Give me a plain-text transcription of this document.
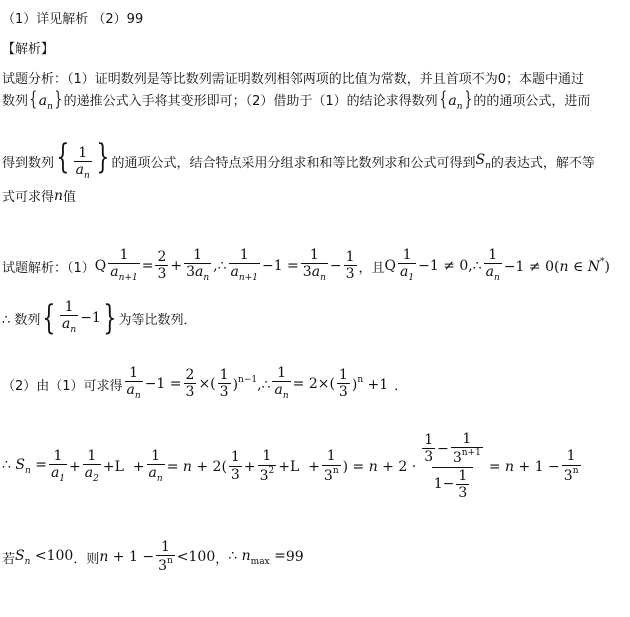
（1）详见解析 （2）99
【解析】
试题分析：（1）证明数列是等比数列需证明数列相邻两项的比值为常数，并且首项不为0；本题中通过
数列 { $a_n$} 的递推公式入手将其变形即可；（2）借助于（1）的结论求得数列 { $a_n$} 的的通项公式，进而
得到数列 { $\frac{1}{a_n}$ } 的通项公式，结合特点采用分组求和和等比数列求和公式可得到 $S_n$ 的表达式，解不等
式可求得 n 值
试题解析：（1） Q $\frac{1}{a_{n+1}} = \frac{2}{3} + \frac{1}{3a_n}$ ,∴ $\frac{1}{a_{n+1}} -1 = \frac{1}{3a_n} - \frac{1}{3}$ ，且 Q $\frac{1}{a_1} -1$ ≠ 0,∴ $\frac{1}{a_n} -1 \ne 0(n$ ∈ N*)
∴ 数列 { $\frac{1}{a_n} -1$ } 为等比数列．
（2）由（1）可求得 $\frac{1}{a_n} -1 = \frac{2}{3}$ ×( $\frac{1}{3}$ )$^{n-1}$,∴ $\frac{1}{a_n} = 2\times( \frac{1}{3} )^n +1$ ．
∴ $S_n = \frac{1}{a_1} + \frac{1}{a_2} +L + \frac{1}{a_n} = n + 2( \frac{1}{3} + \frac{1}{3^2} +L + \frac{1}{3^n}$ ) = $n + 2 \cdot \frac{\frac{1}{3} - \frac{1}{3^{n+1}}}{1- \frac{1}{3}} = n + 1 - \frac{1}{3^n}$
若 $S_n <100$ ．则 $n + 1 - \frac{1}{3^n} <100$ ， ∴ $n_{max} = 99$
